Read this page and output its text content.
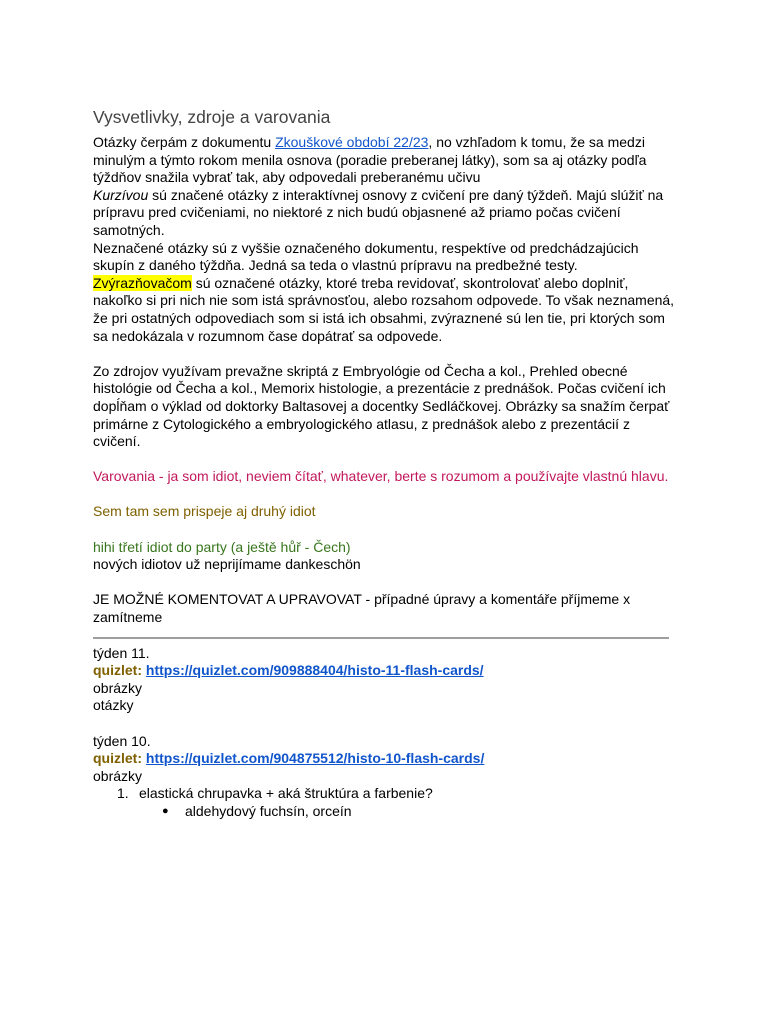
Vysvetlivky, zdroje a varovania

Otázky čerpám z dokumentu Zkouškové období 22/23, no vzhľadom k tomu, že sa medzi minulým a týmto rokom menila osnova (poradie preberanej látky), som sa aj otázky podľa týždňov snažila vybrať tak, aby odpovedali preberanému učivu

Kurzívou sú značené otázky z interaktívnej osnovy z cvičení pre daný týždeň. Majú slúžiť na prípravu pred cvičeniami, no niektoré z nich budú objasnené až priamo počas cvičení samotných.

Neznačené otázky sú z vyššie označeného dokumentu, respektíve od predchádzajúcich skupín z daného týždňa. Jedná sa teda o vlastnú prípravu na predbežné testy.

Zvýrazňovačom sú označené otázky, ktoré treba revidovať, skontrolovať alebo doplniť, nakoľko si pri nich nie som istá správnosťou, alebo rozsahom odpovede. To však neznamená, že pri ostatných odpovediach som si istá ich obsahmi, zvýraznené sú len tie, pri ktorých som sa nedokázala v rozumnom čase dopátrať sa odpovede.

Zo zdrojov využívam prevažne skriptá z Embryológie od Čecha a kol., Prehled obecné histológie od Čecha a kol., Memorix histologie, a prezentácie z prednášok. Počas cvičení ich dopĺňam o výklad od doktorky Baltasovej a docentky Sedláčkovej. Obrázky sa snažím čerpať primárne z Cytologického a embryologického atlasu, z prednášok alebo z prezentácií z cvičení.

Varovania - ja som idiot, neviem čítať, whatever, berte s rozumom a používajte vlastnú hlavu.

Sem tam sem prispeje aj druhý idiot

hihi třetí idiot do party (a ještě hůř - Čech)

nových idiotov už neprijímame dankeschön

JE MOŽNÉ KOMENTOVAT A UPRAVOVAT - případné úpravy a komentáře příjmeme x zamítneme

týden 11.

quizlet: https://quizlet.com/909888404/histo-11-flash-cards/

obrázky

otázky

týden 10.

quizlet: https://quizlet.com/904875512/histo-10-flash-cards/

obrázky

1. elastická chrupavka + aká štruktúra a farbenie?
● aldehydový fuchsín, orceín
